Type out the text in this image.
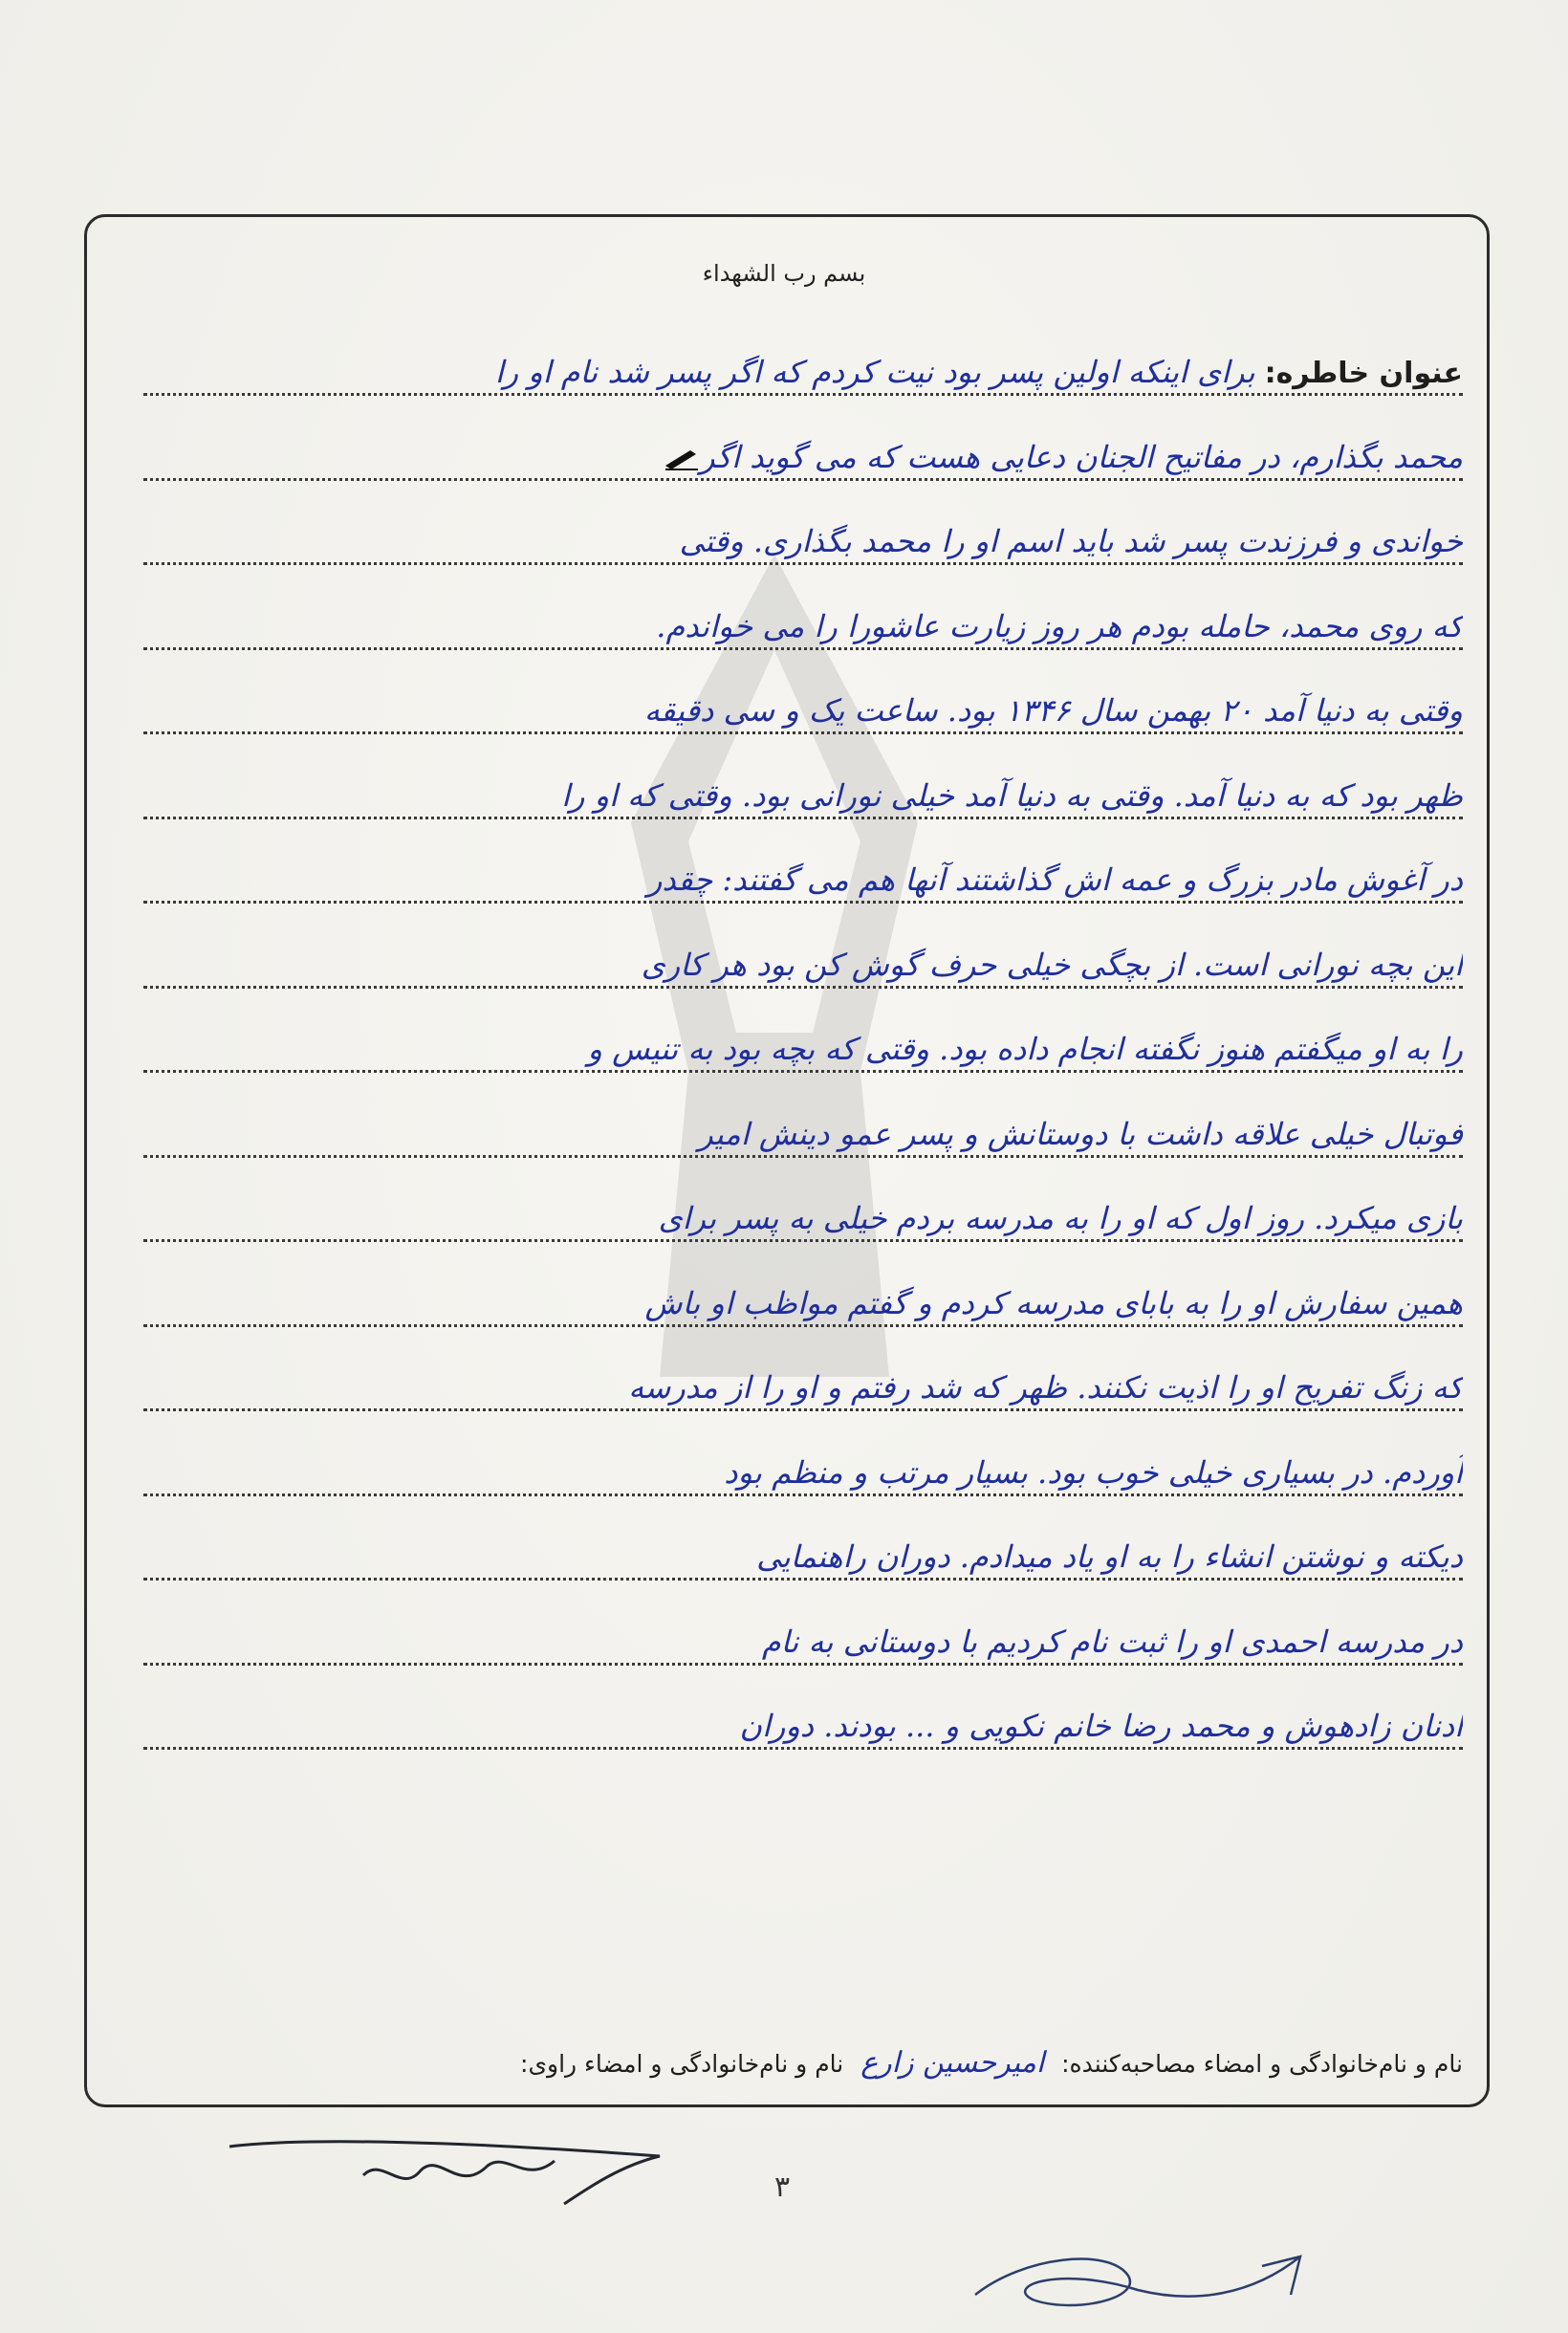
بسم رب الشهداء
عنوان خاطره:برای اینکه اولین پسر بود نیت کردم که اگر پسر شد نام او را
محمد بگذارم، در مفاتیح الجنان دعایی هست که می گوید اگر
خواندی و فرزندت پسر شد باید اسم او را محمد بگذاری. وقتی
که روی محمد، حامله بودم هر روز زیارت عاشورا را می خواندم.
وقتی به دنیا آمد ۲۰ بهمن سال ۱۳۴۶ بود. ساعت یک و سی دقیقه
ظهر بود که به دنیا آمد. وقتی به دنیا آمد خیلی نورانی بود. وقتی که او را
در آغوش مادر بزرگ و عمه اش گذاشتند آنها هم می گفتند: چقدر
این بچه نورانی است. از بچگی خیلی حرف گوش کن بود هر کاری
را به او میگفتم هنوز نگفته انجام داده بود. وقتی که بچه بود به تنیس و
فوتبال خیلی علاقه داشت با دوستانش و پسر عمو دینش امیر
بازی میکرد. روز اول که او را به مدرسه بردم خیلی به پسر برای
همین سفارش او را به بابای مدرسه کردم و گفتم مواظب او باش
که زنگ تفریح او را اذیت نکنند. ظهر که شد رفتم و او را از مدرسه
آوردم. در بسیاری خیلی خوب بود. بسیار مرتب و منظم بود
دیکته و نوشتن انشاء را به او یاد میدادم. دوران راهنمایی
در مدرسه احمدی او را ثبت نام کردیم با دوستانی به نام
ادنان زادهوش و محمد رضا خانم نکویی و ... بودند. دوران
نام و نام‌خانوادگی و امضاء مصاحبه‌کننده: امیرحسین زارع نام و نام‌خانوادگی و امضاء راوی:
۳
